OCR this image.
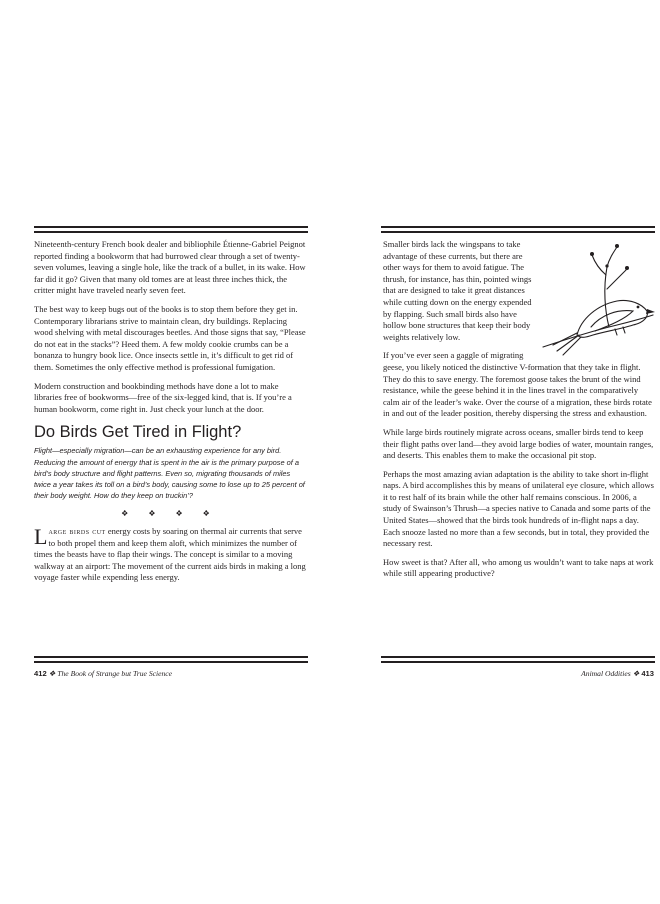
Nineteenth-century French book dealer and bibliophile Étienne-Gabriel Peignot reported finding a bookworm that had burrowed clear through a set of twenty-seven volumes, leaving a single hole, like the track of a bullet, in its wake. How far did it go? Given that many old tomes are at least three inches thick, the critter might have traveled nearly seven feet.

The best way to keep bugs out of the books is to stop them before they get in. Contemporary librarians strive to maintain clean, dry buildings. Replacing wood shelving with metal discourages beetles. And those signs that say, “Please do not eat in the stacks”? Heed them. A few moldy cookie crumbs can be a bonanza to hungry book lice. Once insects settle in, it’s difficult to get rid of them. Sometimes the only effective method is professional fumigation.

Modern construction and bookbinding methods have done a lot to make libraries free of bookworms—free of the six-legged kind, that is. If you’re a human bookworm, come right in. Just check your lunch at the door.

Do Birds Get Tired in Flight?

Flight—especially migration—can be an exhausting experience for any bird. Reducing the amount of energy that is spent in the air is the primary purpose of a bird’s body structure and flight patterns. Even so, migrating thousands of miles twice a year takes its toll on a bird’s body, causing some to lose up to 25 percent of their body weight. How do they keep on truckin’?

❖ ❖ ❖ ❖

Large birds cut energy costs by soaring on thermal air currents that serve to both propel them and keep them aloft, which minimizes the number of times the beasts have to flap their wings. The concept is similar to a moving walkway at an airport: The movement of the current aids birds in making a long voyage faster while expending less energy.

412 ❖ The Book of Strange but True Science

Smaller birds lack the wingspans to take advantage of these currents, but there are other ways for them to avoid fatigue. The thrush, for instance, has thin, pointed wings that are designed to take it great distances while cutting down on the energy expended by flapping. Such small birds also have hollow bone structures that keep their body weights relatively low.

If you’ve ever seen a gaggle of migrating geese, you likely noticed the distinctive V-formation that they take in flight. They do this to save energy. The foremost goose takes the brunt of the wind resistance, while the geese behind it in the lines travel in the comparatively calm air of the leader’s wake. Over the course of a migration, these birds rotate in and out of the leader position, thereby dispersing the stress and exhaustion.

While large birds routinely migrate across oceans, smaller birds tend to keep their flight paths over land—they avoid large bodies of water, mountain ranges, and deserts. This enables them to make the occasional pit stop.

Perhaps the most amazing avian adaptation is the ability to take short in-flight naps. A bird accomplishes this by means of unilateral eye closure, which allows it to rest half of its brain while the other half remains conscious. In 2006, a study of Swainson’s Thrush—a species native to Canada and some parts of the United States—showed that the birds took hundreds of in-flight naps a day. Each snooze lasted no more than a few seconds, but in total, they provided the necessary rest.

How sweet is that? After all, who among us wouldn’t want to take naps at work while still appearing productive?

Animal Oddities ❖ 413
